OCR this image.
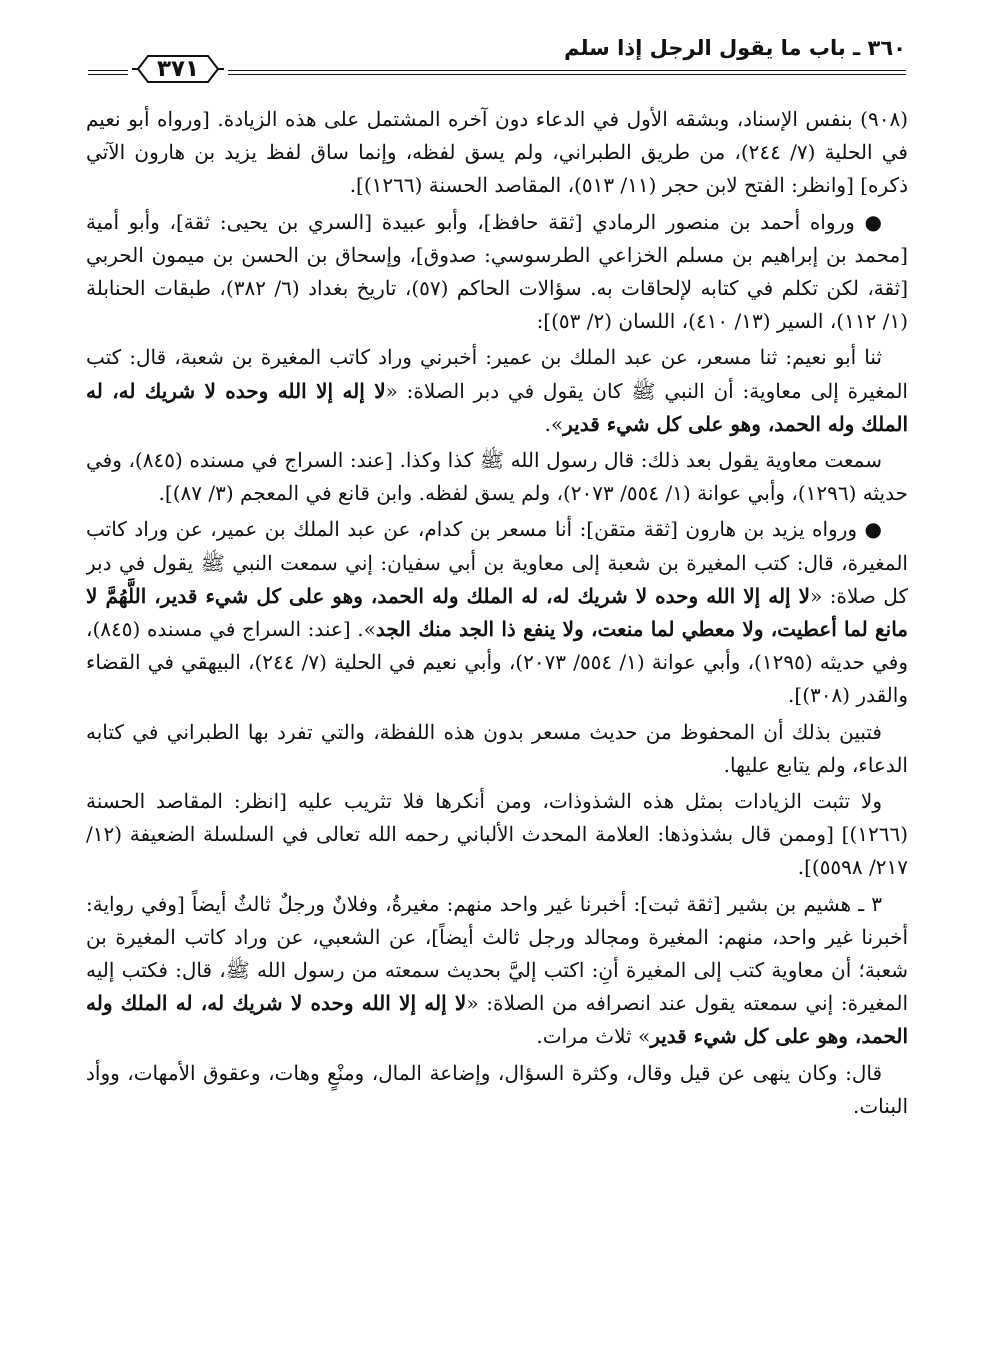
٣٦٠ ـ باب ما يقول الرجل إذا سلم
٣٧١

(٩٠٨) بنفس الإسناد، وبشقه الأول في الدعاء دون آخره المشتمل على هذه الزيادة. [ورواه أبو نعيم في الحلية (٧/ ٢٤٤)، من طريق الطبراني، ولم يسق لفظه، وإنما ساق لفظ يزيد بن هارون الآتي ذكره] [وانظر: الفتح لابن حجر (١١/ ٥١٣)، المقاصد الحسنة (١٢٦٦)].

● ورواه أحمد بن منصور الرمادي [ثقة حافظ]، وأبو عبيدة [السري بن يحيى: ثقة]، وأبو أمية [محمد بن إبراهيم بن مسلم الخزاعي الطرسوسي: صدوق]، وإسحاق بن الحسن بن ميمون الحربي [ثقة، لكن تكلم في كتابه لإلحاقات به. سؤالات الحاكم (٥٧)، تاريخ بغداد (٦/ ٣٨٢)، طبقات الحنابلة (١/ ١١٢)، السير (١٣/ ٤١٠)، اللسان (٢/ ٥٣)]:

ثنا أبو نعيم: ثنا مسعر، عن عبد الملك بن عمير: أخبرني وراد كاتب المغيرة بن شعبة، قال: كتب المغيرة إلى معاوية: أن النبي ﷺ كان يقول في دبر الصلاة: «لا إله إلا الله وحده لا شريك له، له الملك وله الحمد، وهو على كل شيء قدير».

سمعت معاوية يقول بعد ذلك: قال رسول الله ﷺ كذا وكذا. [عند: السراج في مسنده (٨٤٥)، وفي حديثه (١٢٩٦)، وأبي عوانة (١/ ٥٥٤/ ٢٠٧٣)، ولم يسق لفظه. وابن قانع في المعجم (٣/ ٨٧)].

● ورواه يزيد بن هارون [ثقة متقن]: أنا مسعر بن كدام، عن عبد الملك بن عمير، عن وراد كاتب المغيرة، قال: كتب المغيرة بن شعبة إلى معاوية بن أبي سفيان: إني سمعت النبي ﷺ يقول في دبر كل صلاة: «لا إله إلا الله وحده لا شريك له، له الملك وله الحمد، وهو على كل شيء قدير، اللَّهُمَّ لا مانع لما أعطيت، ولا معطي لما منعت، ولا ينفع ذا الجد منك الجد». [عند: السراج في مسنده (٨٤٥)، وفي حديثه (١٢٩٥)، وأبي عوانة (١/ ٥٥٤/ ٢٠٧٣)، وأبي نعيم في الحلية (٧/ ٢٤٤)، البيهقي في القضاء والقدر (٣٠٨)].

فتبين بذلك أن المحفوظ من حديث مسعر بدون هذه اللفظة، والتي تفرد بها الطبراني في كتابه الدعاء، ولم يتابع عليها.

ولا تثبت الزيادات بمثل هذه الشذوذات، ومن أنكرها فلا تثريب عليه [انظر: المقاصد الحسنة (١٢٦٦)] [وممن قال بشذوذها: العلامة المحدث الألباني رحمه الله تعالى في السلسلة الضعيفة (١٢/ ٢١٧/ ٥٥٩٨)].

٣ ـ هشيم بن بشير [ثقة ثبت]: أخبرنا غير واحد منهم: مغيرةُ، وفلانٌ ورجلٌ ثالثٌ أيضاً [وفي رواية: أخبرنا غير واحد، منهم: المغيرة ومجالد ورجل ثالث أيضاً]، عن الشعبي، عن وراد كاتب المغيرة بن شعبة؛ أن معاوية كتب إلى المغيرة أنِ: اكتب إليَّ بحديث سمعته من رسول الله ﷺ، قال: فكتب إليه المغيرة: إني سمعته يقول عند انصرافه من الصلاة: «لا إله إلا الله وحده لا شريك له، له الملك وله الحمد، وهو على كل شيء قدير» ثلاث مرات.

قال: وكان ينهى عن قيل وقال، وكثرة السؤال، وإضاعة المال، ومنْعٍ وهات، وعقوق الأمهات، ووأد البنات.
